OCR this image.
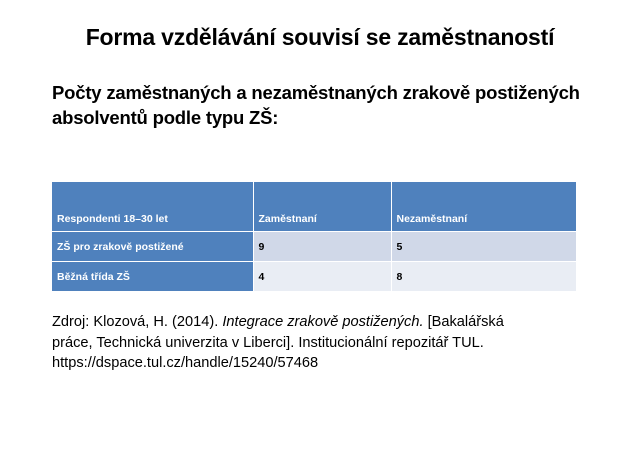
Forma vzdělávání souvisí se zaměstnaností
Počty zaměstnaných a nezaměstnaných zrakově postižených
absolventů podle typu ZŠ:
Respondenti 18–30 let	Zaměstnaní	Nezaměstnaní
ZŠ pro zrakově postižené	9	5
Běžná třída ZŠ	4	8
Zdroj: Klozová, H. (2014). Integrace zrakově postižených. [Bakalářská
práce, Technická univerzita v Liberci]. Institucionální repozitář TUL.
https://dspace.tul.cz/handle/15240/57468
